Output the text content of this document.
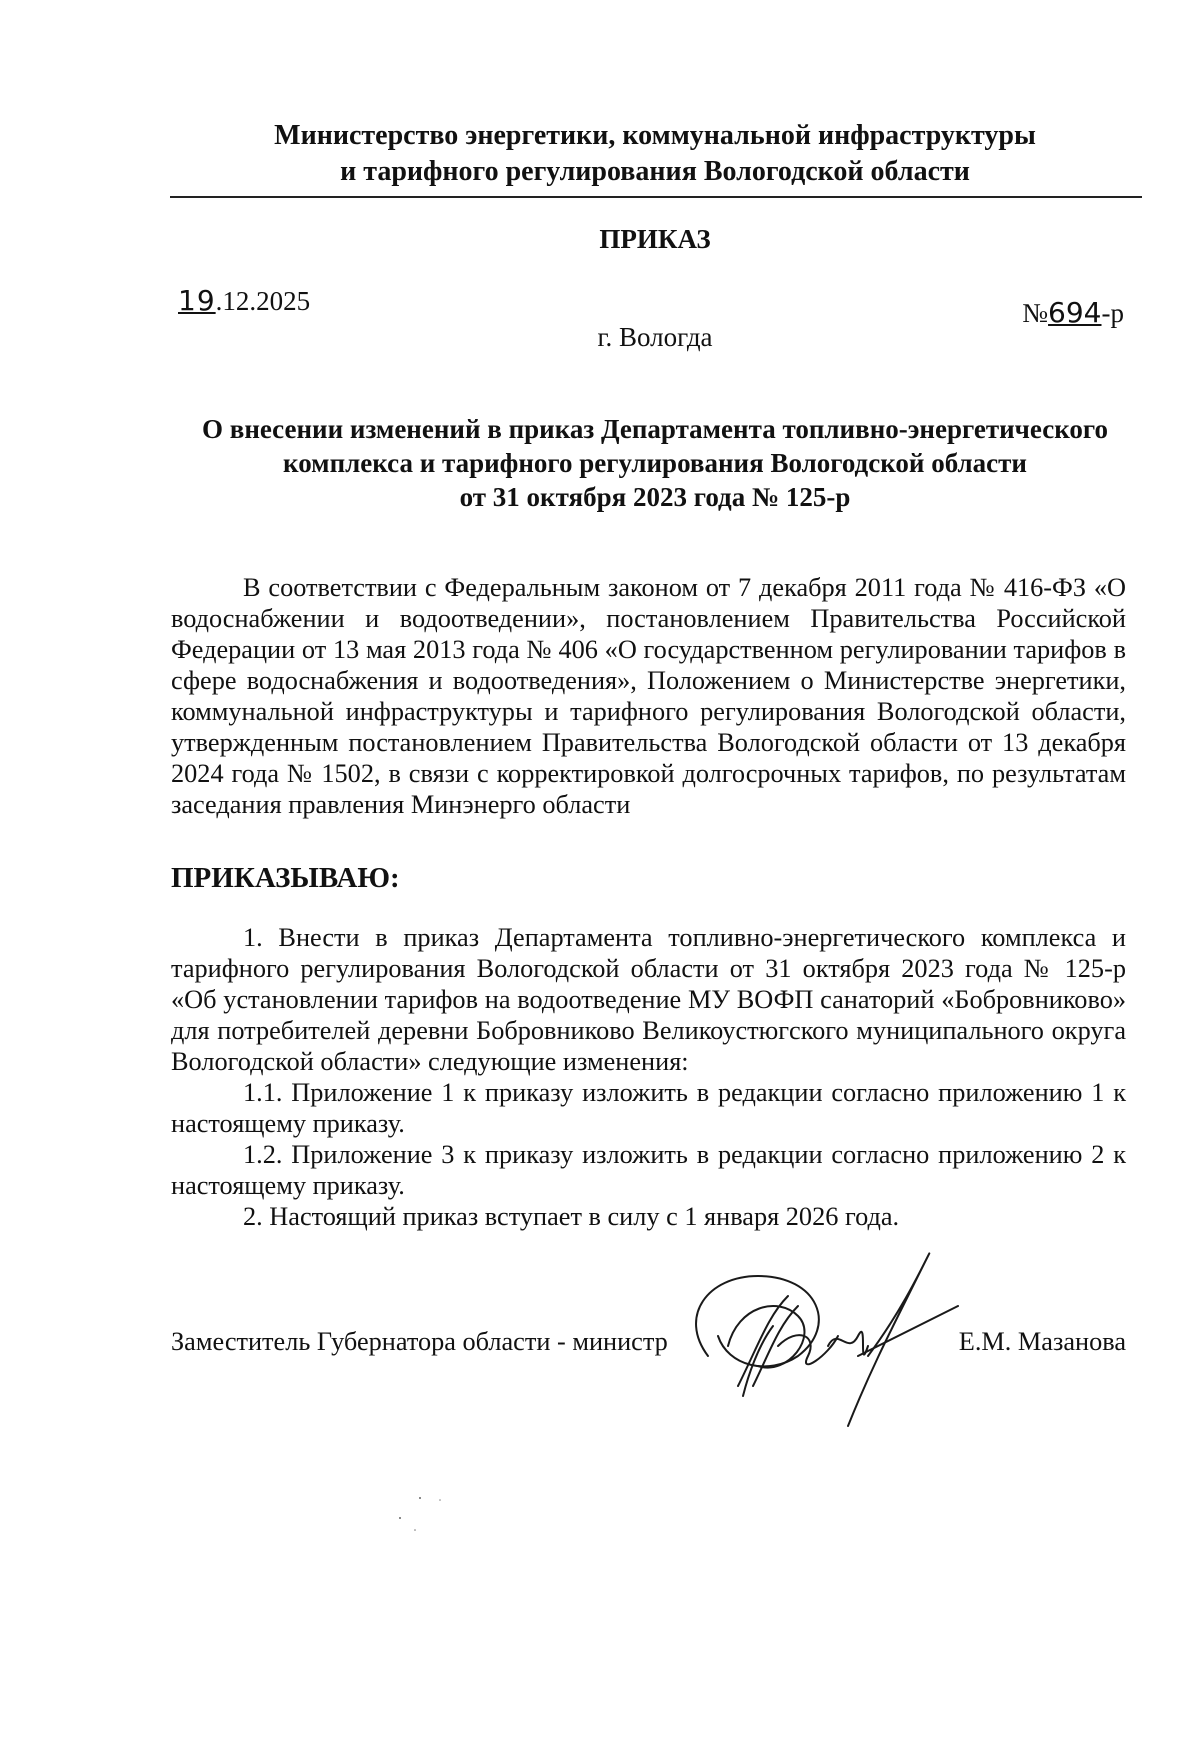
Министерство энергетики, коммунальной инфраструктуры
и тарифного регулирования Вологодской области
ПРИКАЗ
19.12.2025	№694-р
г. Вологда
О внесении изменений в приказ Департамента топливно-энергетического
комплекса и тарифного регулирования Вологодской области
от 31 октября 2023 года № 125-р
В соответствии с Федеральным законом от 7 декабря 2011 года № 416-ФЗ «О водоснабжении и водоотведении», постановлением Правительства Российской Федерации от 13 мая 2013 года № 406 «О государственном регулировании тарифов в сфере водоснабжения и водоотведения», Положением о Министерстве энергетики, коммунальной инфраструктуры и тарифного регулирования Вологодской области, утвержденным постановлением Правительства Вологодской области от 13 декабря 2024 года № 1502, в связи с корректировкой долгосрочных тарифов, по результатам заседания правления Минэнерго области
ПРИКАЗЫВАЮ:

1. Внести в приказ Департамента топливно-энергетического комплекса и тарифного регулирования Вологодской области от 31 октября 2023 года № 125-р «Об установлении тарифов на водоотведение МУ ВОФП санаторий «Бобровниково» для потребителей деревни Бобровниково Великоустюгского муниципального округа Вологодской области» следующие изменения:

1.1. Приложение 1 к приказу изложить в редакции согласно приложению 1 к настоящему приказу.

1.2. Приложение 3 к приказу изложить в редакции согласно приложению 2 к настоящему приказу.

2. Настоящий приказ вступает в силу с 1 января 2026 года.

Заместитель Губернатора области - министр	Е.М. Мазанова
